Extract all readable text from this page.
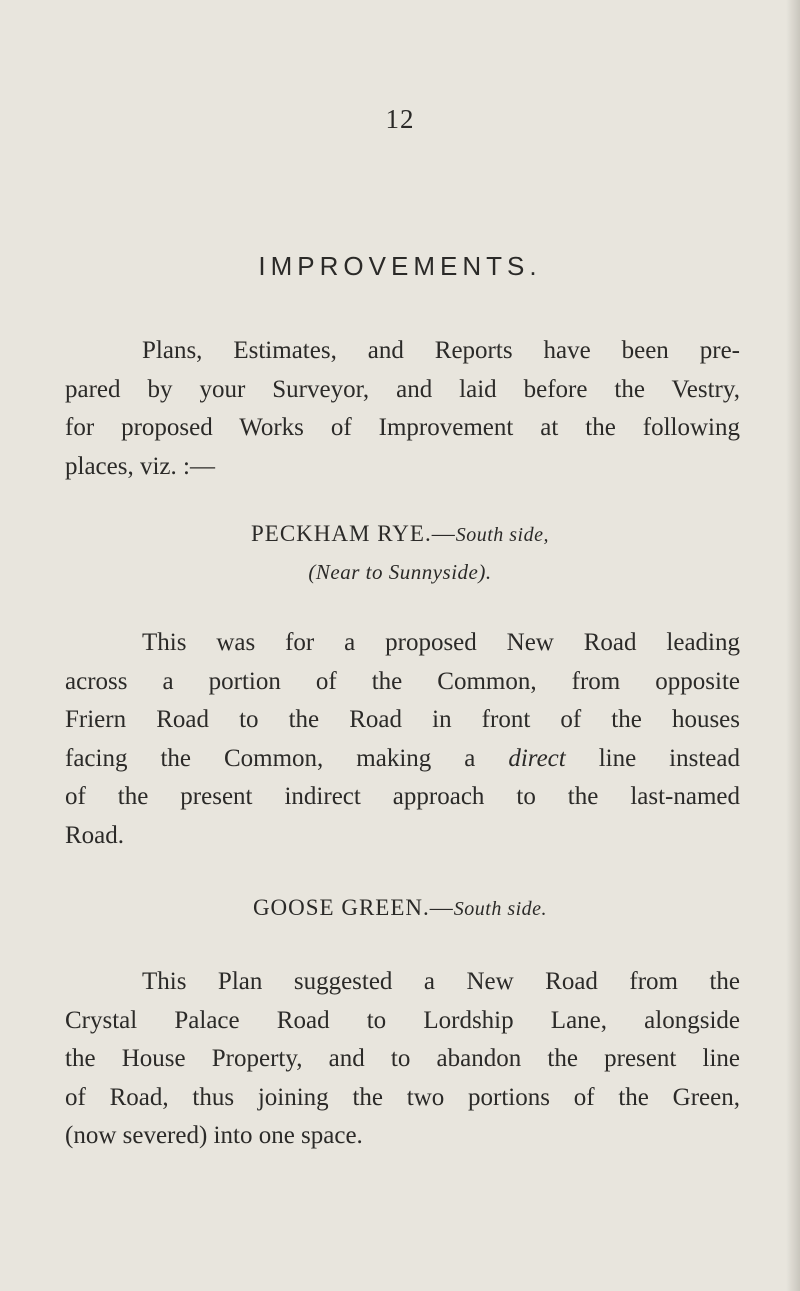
12
IMPROVEMENTS.
Plans, Estimates, and Reports have been pre-
pared by your Surveyor, and laid before the Vestry,
for proposed Works of Improvement at the following
places, viz. :—
PECKHAM RYE.—South side,
(Near to Sunnyside).
This was for a proposed New Road leading
across a portion of the Common, from opposite
Friern Road to the Road in front of the houses
facing the Common, making a direct line instead
of the present indirect approach to the last-named
Road.
GOOSE GREEN.—South side.
This Plan suggested a New Road from the
Crystal Palace Road to Lordship Lane, alongside
the House Property, and to abandon the present line
of Road, thus joining the two portions of the Green,
(now severed) into one space.
